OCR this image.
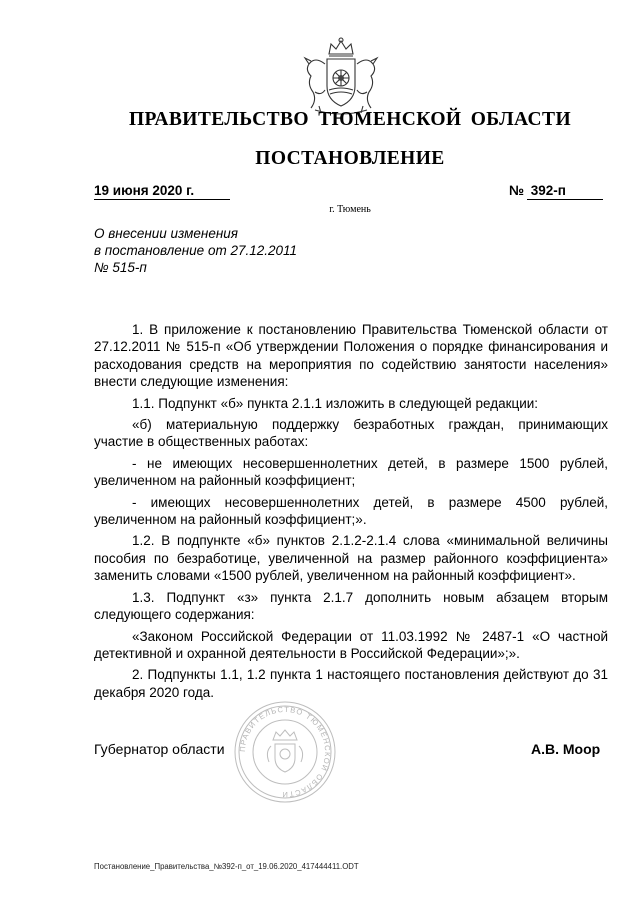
ПРАВИТЕЛЬСТВО ТЮМЕНСКОЙ ОБЛАСТИ
ПОСТАНОВЛЕНИЕ
19 июня 2020 г.	№ 392-п
г. Тюмень
О внесении изменения
в постановление от 27.12.2011
№ 515-п

1. В приложение к постановлению Правительства Тюменской области от 27.12.2011 № 515-п «Об утверждении Положения о порядке финансирования и расходования средств на мероприятия по содействию занятости населения» внести следующие изменения:

1.1. Подпункт «б» пункта 2.1.1 изложить в следующей редакции:

«б) материальную поддержку безработных граждан, принимающих участие в общественных работах:

- не имеющих несовершеннолетних детей, в размере 1500 рублей, увеличенном на районный коэффициент;

- имеющих несовершеннолетних детей, в размере 4500 рублей, увеличенном на районный коэффициент;».

1.2. В подпункте «б» пунктов 2.1.2-2.1.4 слова «минимальной величины пособия по безработице, увеличенной на размер районного коэффициента» заменить словами «1500 рублей, увеличенном на районный коэффициент».

1.3. Подпункт «з» пункта 2.1.7 дополнить новым абзацем вторым следующего содержания:

«Законом Российской Федерации от 11.03.1992 № 2487-1 «О частной детективной и охранной деятельности в Российской Федерации»;».

2. Подпункты 1.1, 1.2 пункта 1 настоящего постановления действуют до 31 декабря 2020 года.

ПРАВИТЕЛЬСТВО ТЮМЕНСКОЙ ОБЛАСТИ
Губернатор области	А.В. Моор
Постановление_Правительства_№392-п_от_19.06.2020_417444411.ODT
